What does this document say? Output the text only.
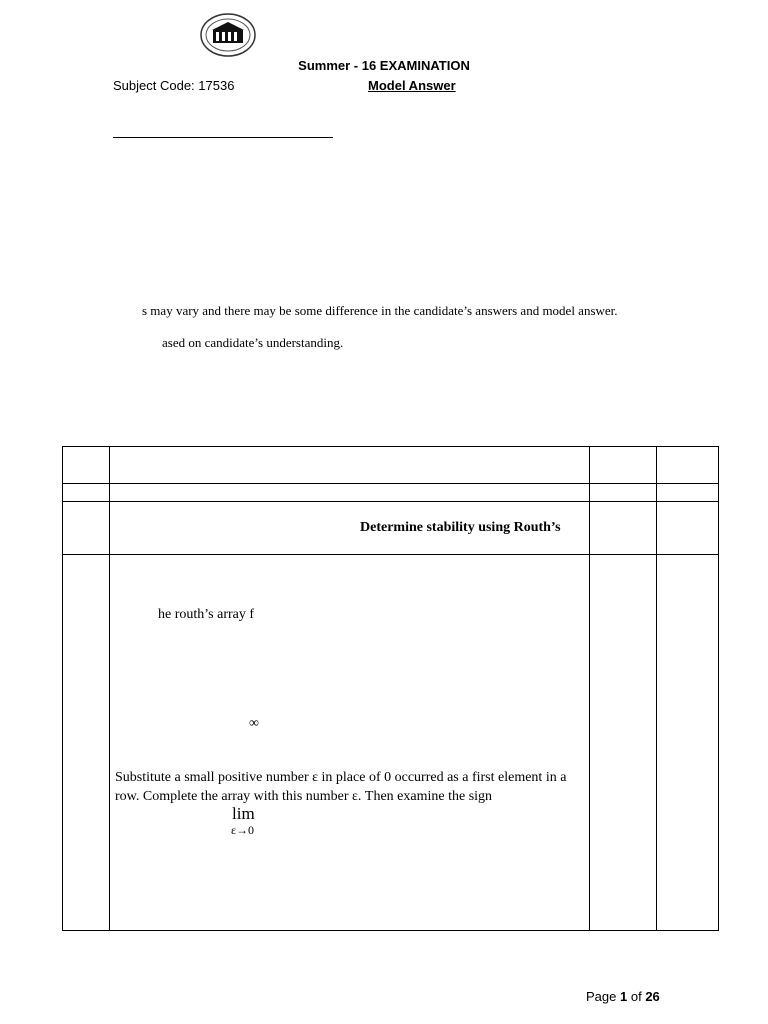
Summer - 16 EXAMINATION
Subject Code: 17536	Model Answer
s may vary and there may be some difference in the candidate’s answers and model answer.
ased on candidate’s understanding.
Determine stability using Routh’s
he routh’s array f
∞
Substitute a small positive number ε in place of 0 occurred as a first element in a row. Complete the array with this number ε. Then examine the sign
lim
ε→0
Page 1 of 26
